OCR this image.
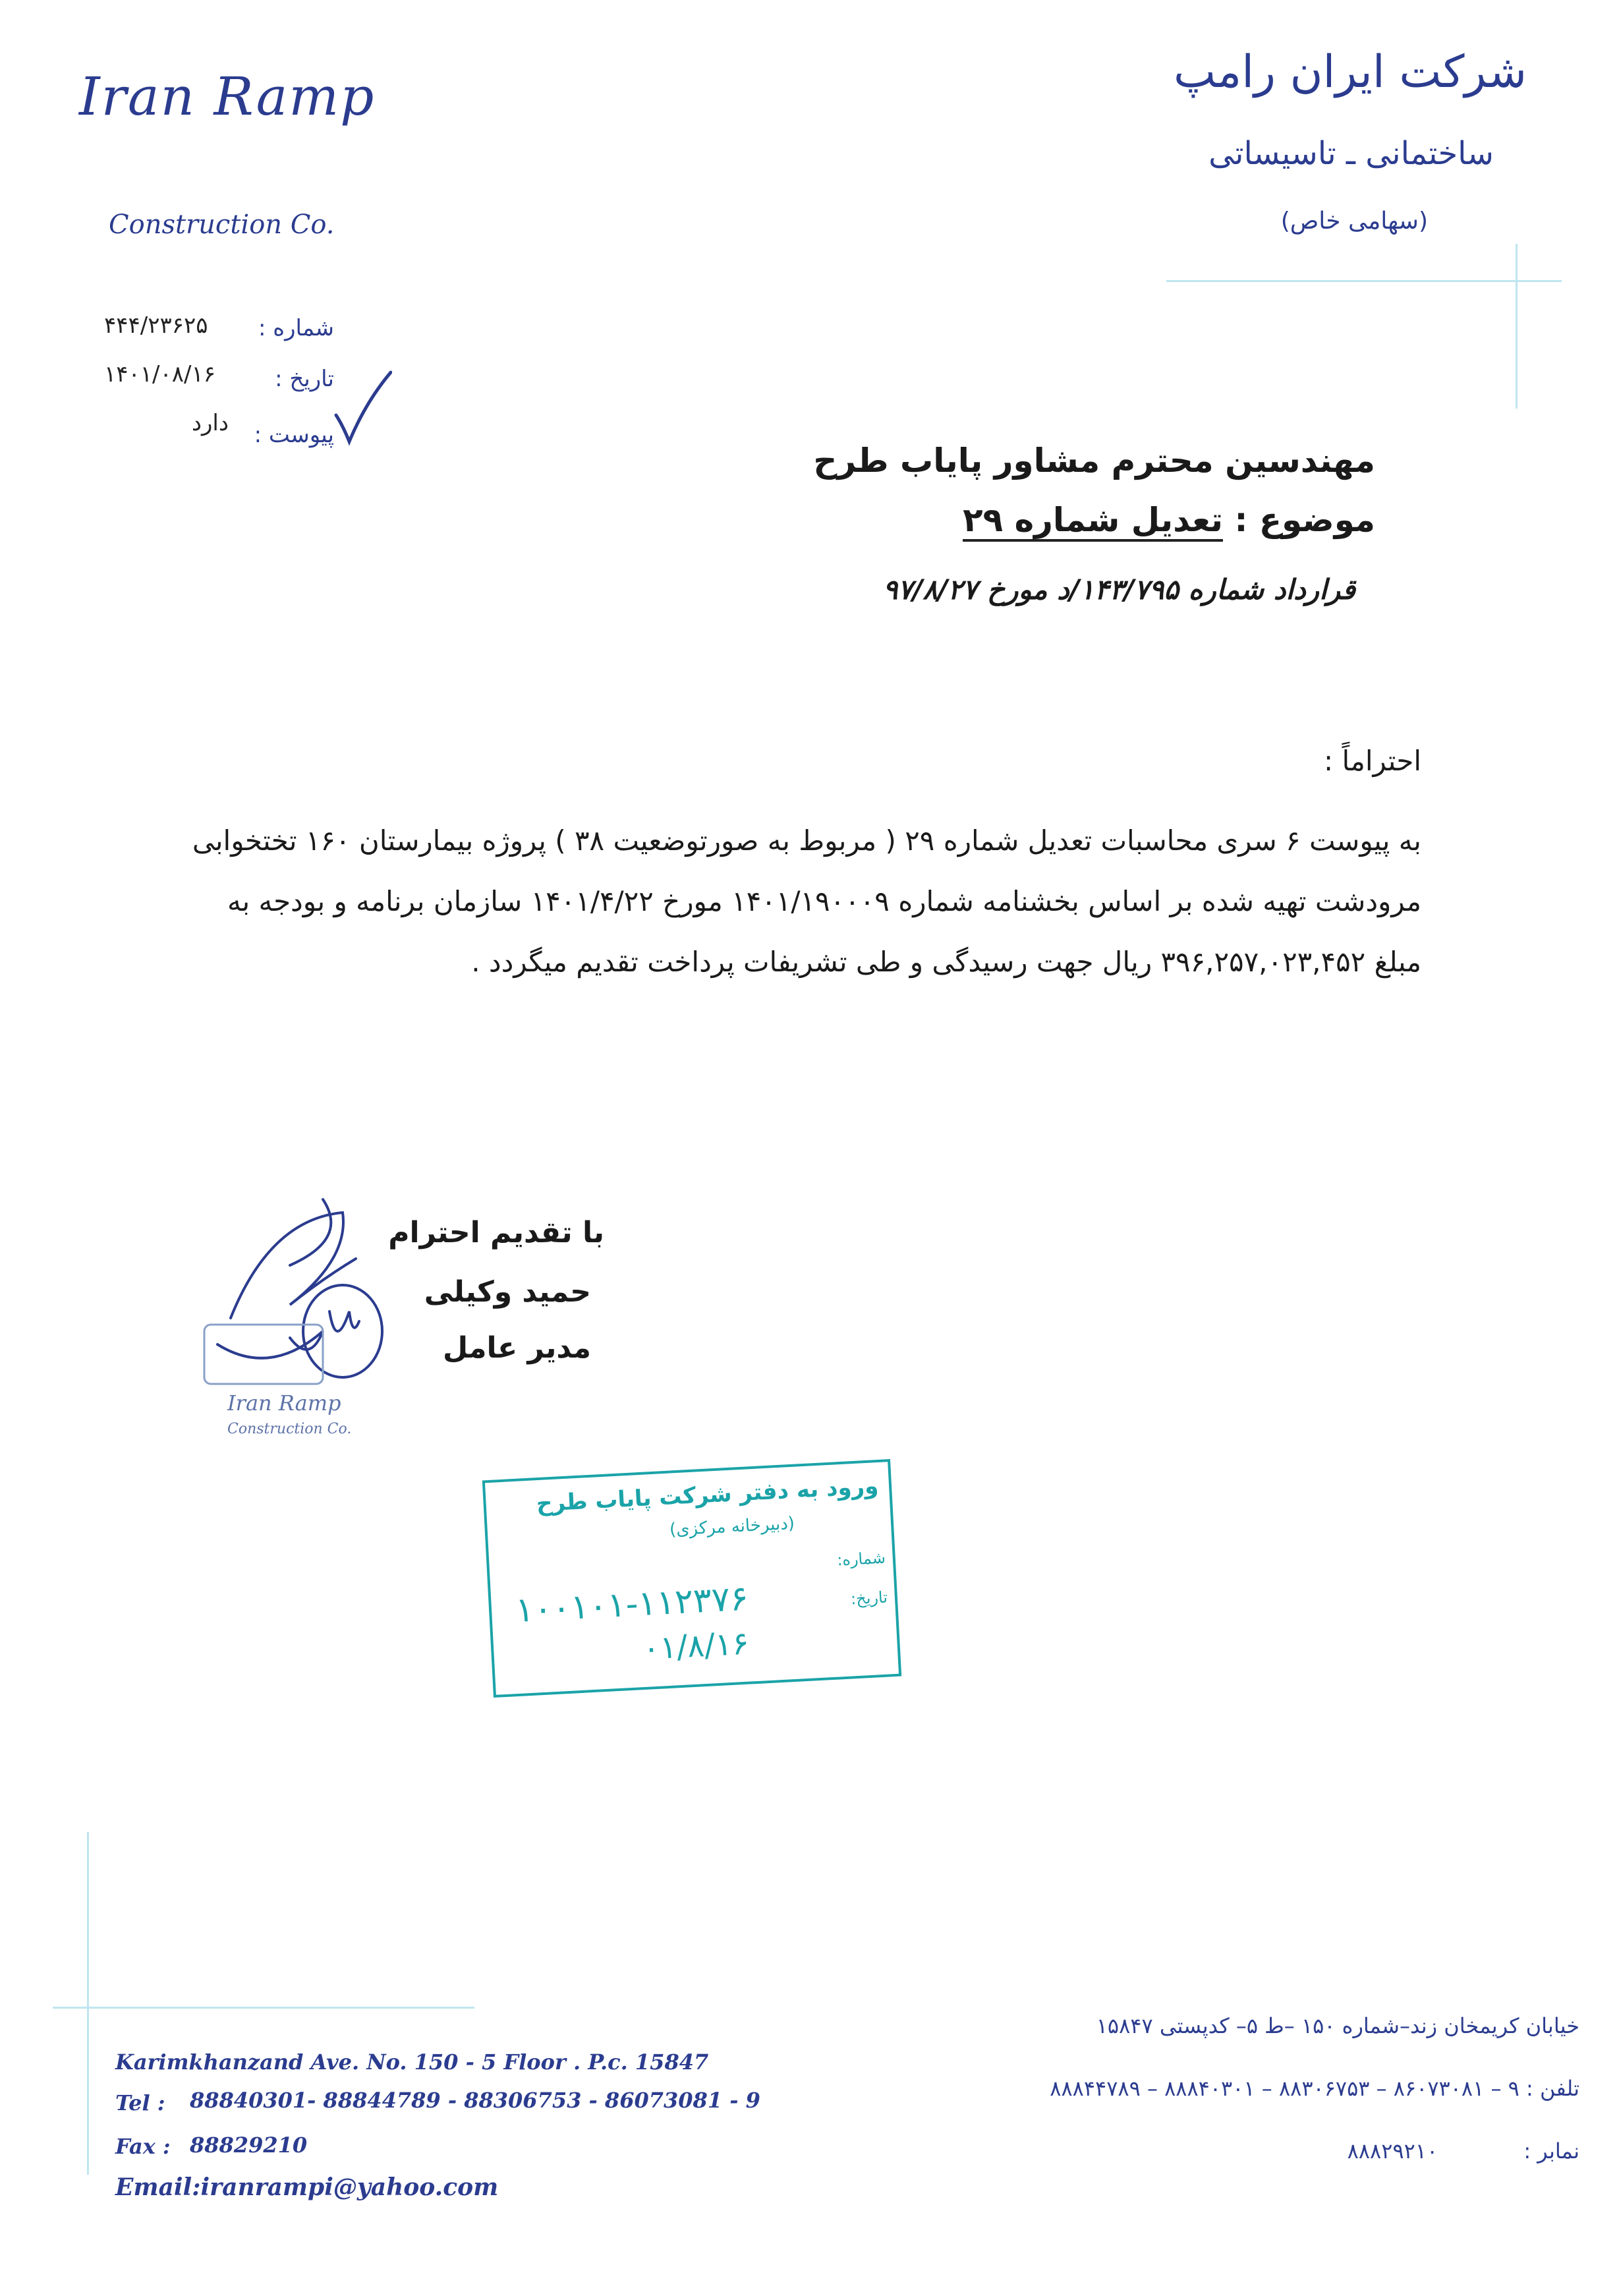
Iran Ramp
Construction Co.
شرکت ایران رامپ
ساختمانی ـ تاسیساتی
(سهامی خاص)
شماره :
۴۴۴/۲۳۶۲۵
تاریخ :
۱۴۰۱/۰۸/۱۶
پیوست :
دارد
مهندسین محترم مشاور پایاب طرح
موضوع : تعدیل شماره ۲۹
قرارداد شماره ۱۴۳/۷۹۵/د مورخ ۹۷/۸/۲۷
احتراماً :
به پیوست ۶ سری محاسبات تعدیل شماره ۲۹ ( مربوط به صورتوضعیت ۳۸ ) پروژه بیمارستان ۱۶۰ تختخوابی مرودشت تهیه شده بر اساس بخشنامه شماره ۱۴۰۱/۱۹۰۰۰۹ مورخ ۱۴۰۱/۴/۲۲ سازمان برنامه و بودجه به مبلغ ۳۹۶,۲۵۷,۰۲۳,۴۵۲ ریال جهت رسیدگی و طی تشریفات پرداخت تقدیم میگردد .
Iran Ramp
Construction Co.
با تقدیم احترام
حمید وکیلی
مدیر عامل
ورود به دفتر شرکت پایاب طرح
(دبیرخانه مرکزی)
شماره:
۱۰۰۱۰۱-۱۱۲۳۷۶	تاریخ:
۰۱/۸/۱۶
Karimkhanzand Ave. No. 150 - 5 Floor . P.c. 15847
Tel : 88840301- 88844789 - 88306753 - 86073081 - 9
Fax : 88829210
Email:iranrampi@yahoo.com
خیابان کریمخان زند–شماره ۱۵۰ –ط ۵– کدپستی ۱۵۸۴۷
تلفن : ۹ – ۸۶۰۷۳۰۸۱ – ۸۸۳۰۶۷۵۳ – ۸۸۸۴۰۳۰۱ – ۸۸۸۴۴۷۸۹
نمابر : ۸۸۸۲۹۲۱۰
